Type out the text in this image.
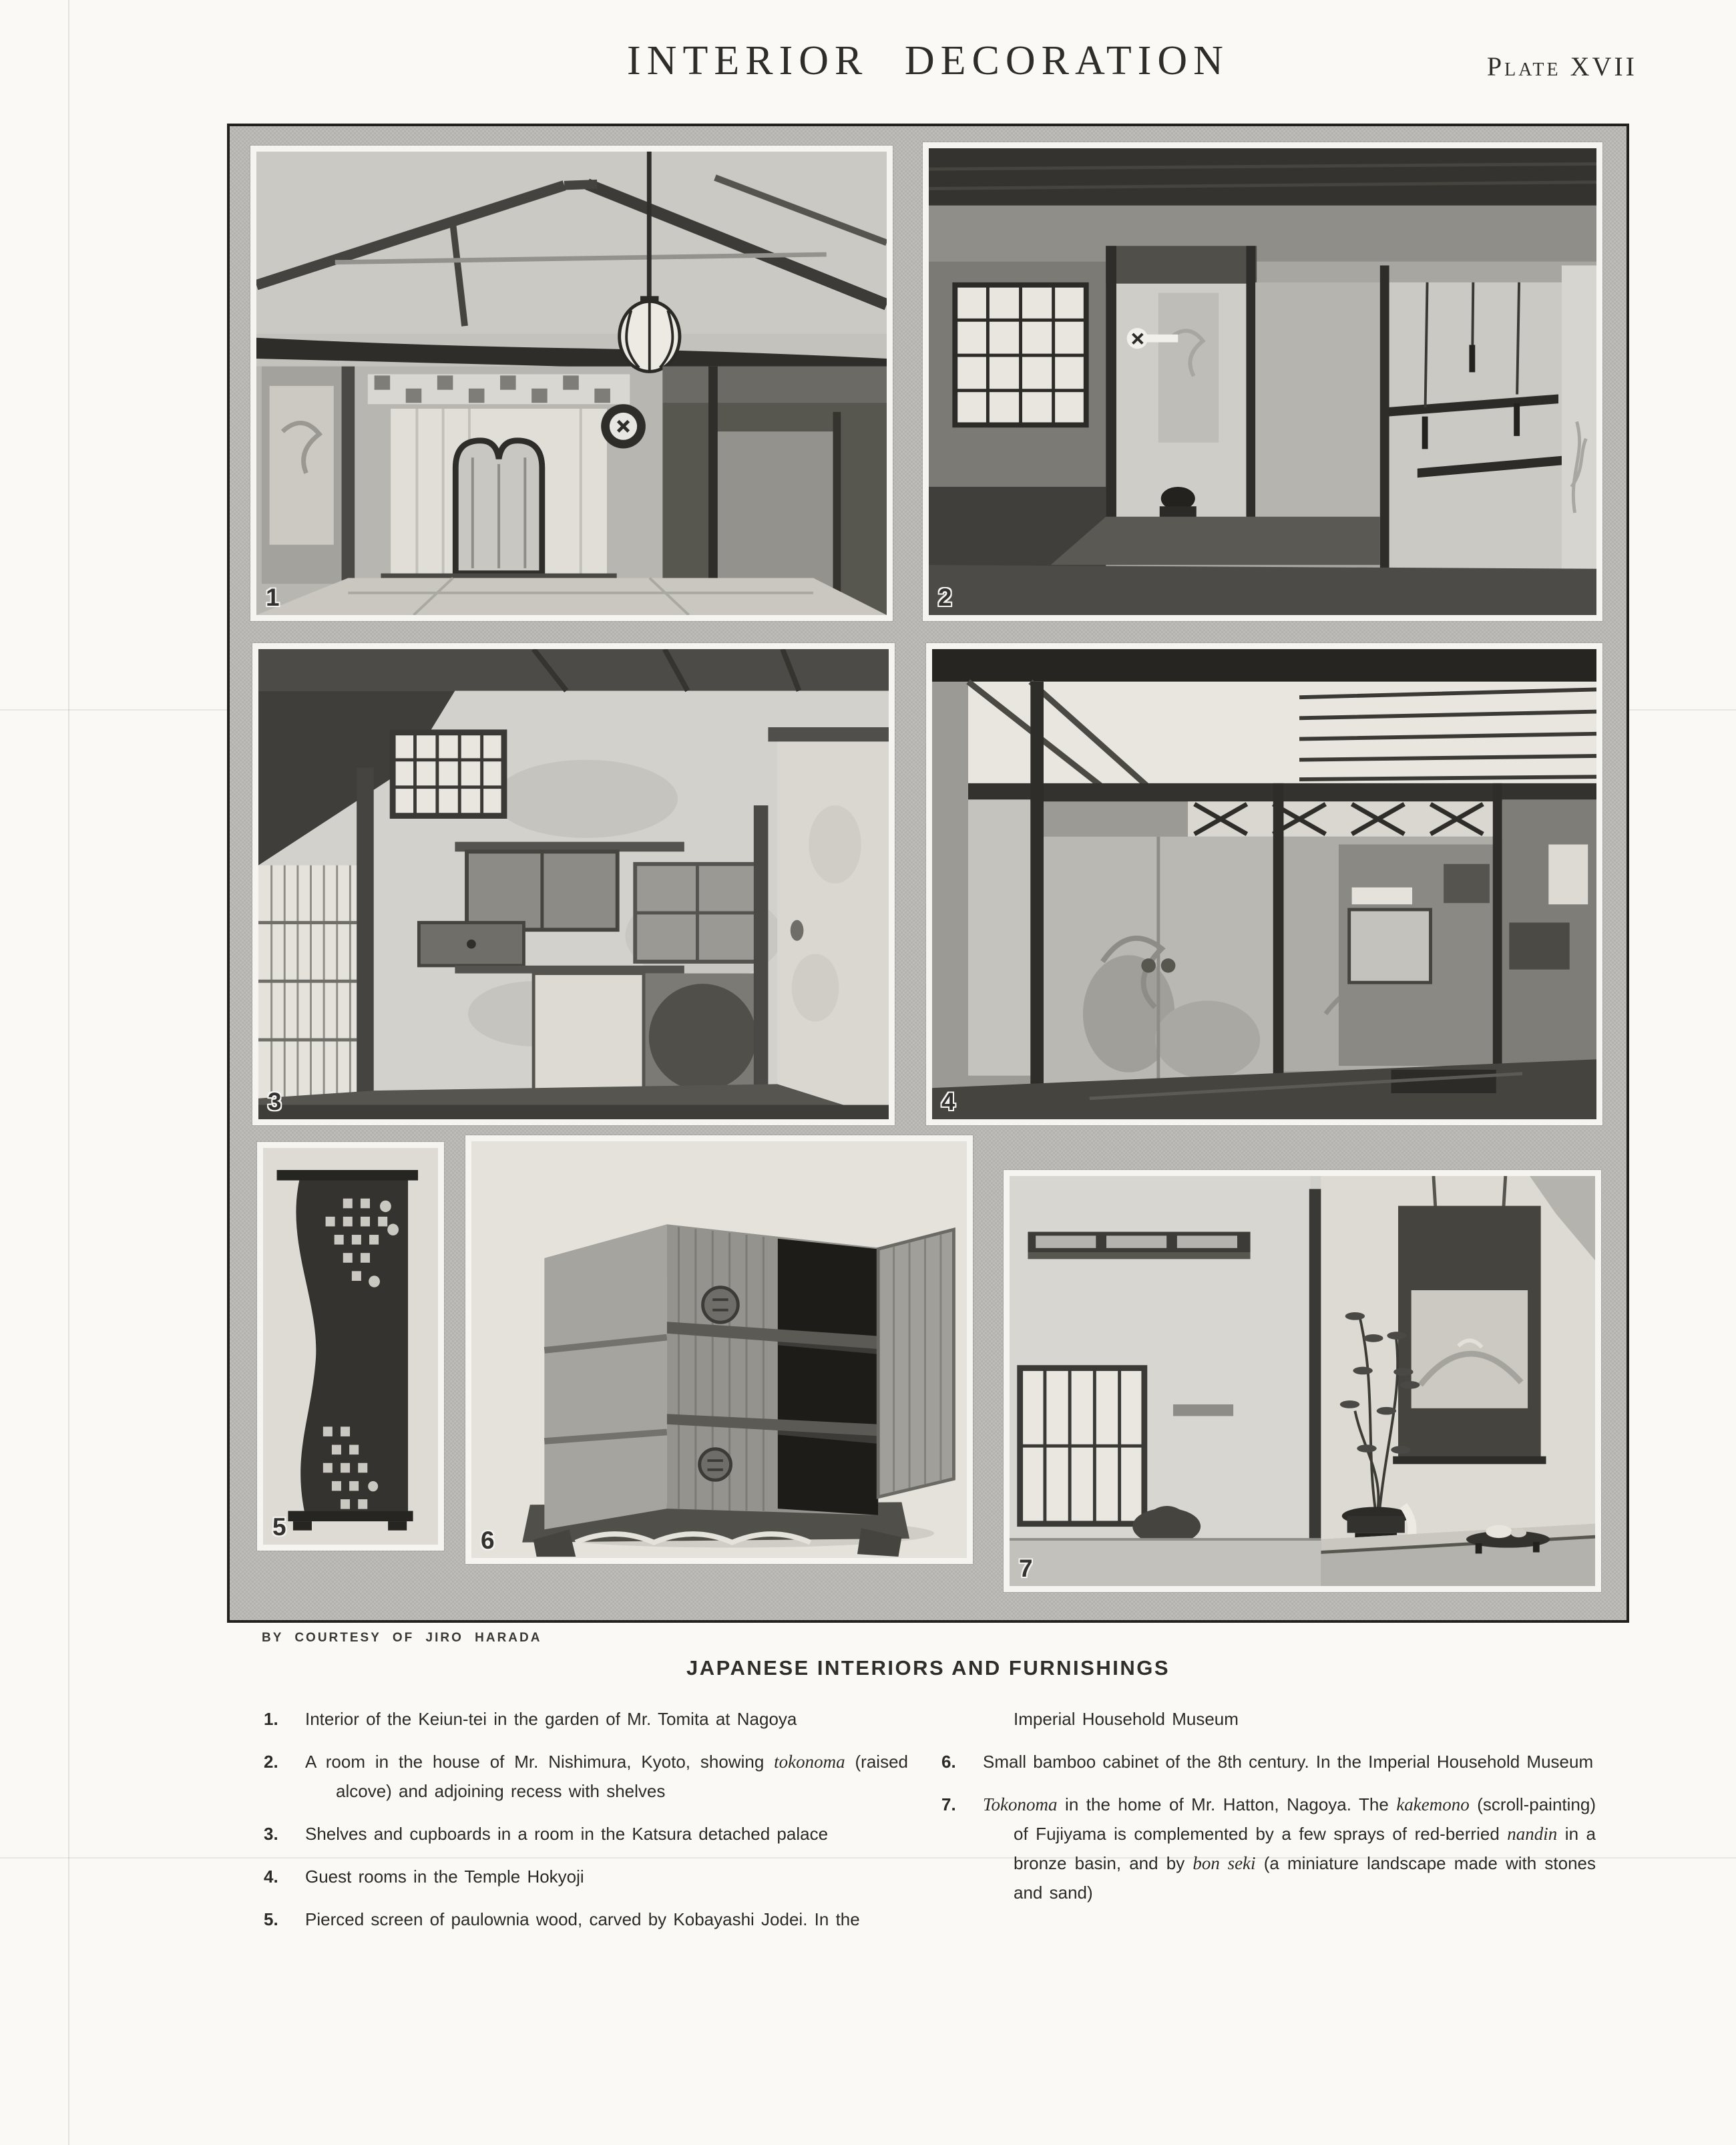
INTERIOR DECORATION	Plate XVII
1	2
3	4
5	6
7
BY COURTESY OF JIRO HARADA
JAPANESE INTERIORS AND FURNISHINGS

1. Interior of the Keiun-tei in the garden of Mr. Tomita at Nagoya

2. A room in the house of Mr. Nishimura, Kyoto, showing tokonoma (raised alcove) and adjoining recess with shelves

3. Shelves and cupboards in a room in the Katsura detached palace

4. Guest rooms in the Temple Hokyoji

5. Pierced screen of paulownia wood, carved by Kobayashi Jodei. In the

Imperial Household Museum

6. Small bamboo cabinet of the 8th century. In the Imperial Household Museum

7. Tokonoma in the home of Mr. Hatton, Nagoya. The kakemono (scroll-painting) of Fujiyama is complemented by a few sprays of red-berried nandin in a bronze basin, and by bon seki (a miniature landscape made with stones and sand)
